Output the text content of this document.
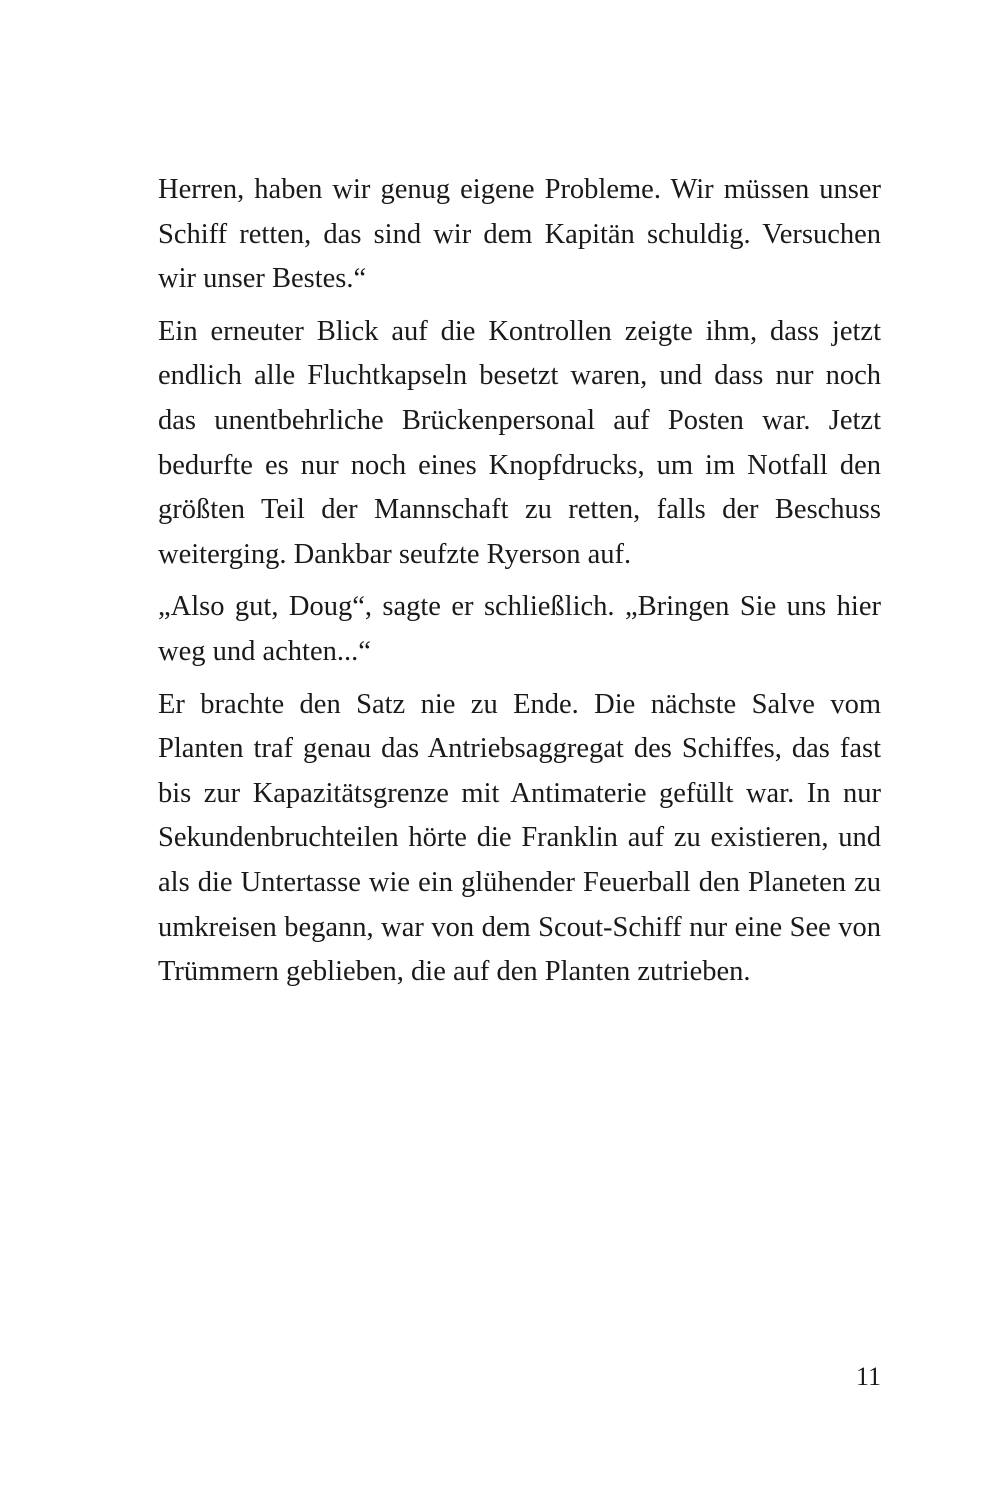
Herren, haben wir genug eigene Probleme. Wir müssen unser Schiff retten, das sind wir dem Kapitän schuldig. Versuchen wir unser Bestes.“

Ein erneuter Blick auf die Kontrollen zeigte ihm, dass jetzt endlich alle Fluchtkapseln besetzt waren, und dass nur noch das unentbehrliche Brückenpersonal auf Posten war. Jetzt bedurfte es nur noch eines Knopfdrucks, um im Notfall den größten Teil der Mannschaft zu retten, falls der Beschuss weiterging. Dankbar seufzte Ryerson auf.

„Also gut, Doug“, sagte er schließlich. „Bringen Sie uns hier weg und achten...“

Er brachte den Satz nie zu Ende. Die nächste Salve vom Planten traf genau das Antriebsaggregat des Schiffes, das fast bis zur Kapazitätsgrenze mit Antimaterie gefüllt war. In nur Sekundenbruchteilen hörte die Franklin auf zu existieren, und als die Untertasse wie ein glühender Feuerball den Planeten zu umkreisen begann, war von dem Scout-Schiff nur eine See von Trümmern geblieben, die auf den Planten zutrieben.

11
